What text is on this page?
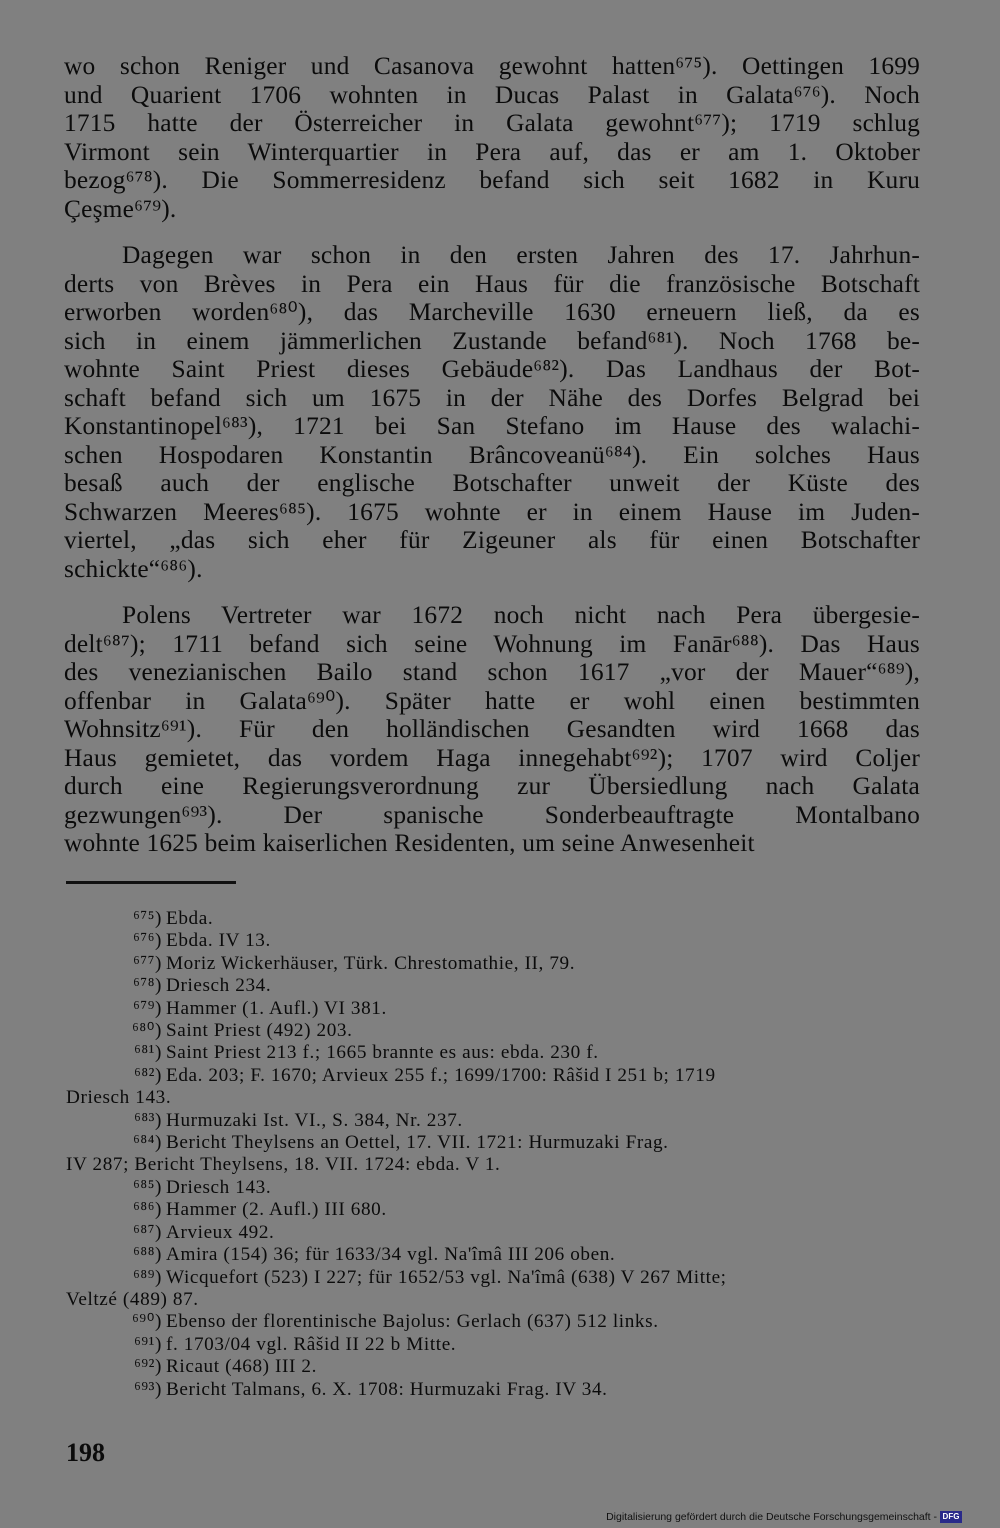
wo schon Reniger und Casanova gewohnt hatten⁶⁷⁵). Oettingen 1699
und Quarient 1706 wohnten in Ducas Palast in Galata⁶⁷⁶). Noch
1715 hatte der Österreicher in Galata gewohnt⁶⁷⁷); 1719 schlug
Virmont sein Winterquartier in Pera auf, das er am 1. Oktober
bezog⁶⁷⁸). Die Sommerresidenz befand sich seit 1682 in Kuru
Çeşme⁶⁷⁹).

Dagegen war schon in den ersten Jahren des 17. Jahrhun-
derts von Brèves in Pera ein Haus für die französische Botschaft
erworben worden⁶⁸⁰), das Marcheville 1630 erneuern ließ, da es
sich in einem jämmerlichen Zustande befand⁶⁸¹). Noch 1768 be-
wohnte Saint Priest dieses Gebäude⁶⁸²). Das Landhaus der Bot-
schaft befand sich um 1675 in der Nähe des Dorfes Belgrad bei
Konstantinopel⁶⁸³), 1721 bei San Stefano im Hause des walachi-
schen Hospodaren Konstantin Brâncoveanü⁶⁸⁴). Ein solches Haus
besaß auch der englische Botschafter unweit der Küste des
Schwarzen Meeres⁶⁸⁵). 1675 wohnte er in einem Hause im Juden-
viertel, „das sich eher für Zigeuner als für einen Botschafter
schickte“⁶⁸⁶).

Polens Vertreter war 1672 noch nicht nach Pera übergesie-
delt⁶⁸⁷); 1711 befand sich seine Wohnung im Fanār⁶⁸⁸). Das Haus
des venezianischen Bailo stand schon 1617 „vor der Mauer“⁶⁸⁹),
offenbar in Galata⁶⁹⁰). Später hatte er wohl einen bestimmten
Wohnsitz⁶⁹¹). Für den holländischen Gesandten wird 1668 das
Haus gemietet, das vordem Haga innegehabt⁶⁹²); 1707 wird Coljer
durch eine Regierungsverordnung zur Übersiedlung nach Galata
gezwungen⁶⁹³). Der spanische Sonderbeauftragte Montalbano
wohnte 1625 beim kaiserlichen Residenten, um seine Anwesenheit

⁶⁷⁵) Ebda.
⁶⁷⁶) Ebda. IV 13.
⁶⁷⁷) Moriz Wickerhäuser, Türk. Chrestomathie, II, 79.
⁶⁷⁸) Driesch 234.
⁶⁷⁹) Hammer (1. Aufl.) VI 381.
⁶⁸⁰) Saint Priest (492) 203.
⁶⁸¹) Saint Priest 213 f.; 1665 brannte es aus: ebda. 230 f.
⁶⁸²) Eda. 203; F. 1670; Arvieux 255 f.; 1699/1700: Râšid I 251 b; 1719
Driesch 143.
⁶⁸³) Hurmuzaki Ist. VI., S. 384, Nr. 237.
⁶⁸⁴) Bericht Theylsens an Oettel, 17. VII. 1721: Hurmuzaki Frag.
IV 287; Bericht Theylsens, 18. VII. 1724: ebda. V 1.
⁶⁸⁵) Driesch 143.
⁶⁸⁶) Hammer (2. Aufl.) III 680.
⁶⁸⁷) Arvieux 492.
⁶⁸⁸) Amira (154) 36; für 1633/34 vgl. Na'îmâ III 206 oben.
⁶⁸⁹) Wicquefort (523) I 227; für 1652/53 vgl. Na'îmâ (638) V 267 Mitte;
Veltzé (489) 87.
⁶⁹⁰) Ebenso der florentinische Bajolus: Gerlach (637) 512 links.
⁶⁹¹) f. 1703/04 vgl. Râšid II 22 b Mitte.
⁶⁹²) Ricaut (468) III 2.
⁶⁹³) Bericht Talmans, 6. X. 1708: Hurmuzaki Frag. IV 34.
198
Digitalisierung gefördert durch die Deutsche Forschungsgemeinschaft - DFG
